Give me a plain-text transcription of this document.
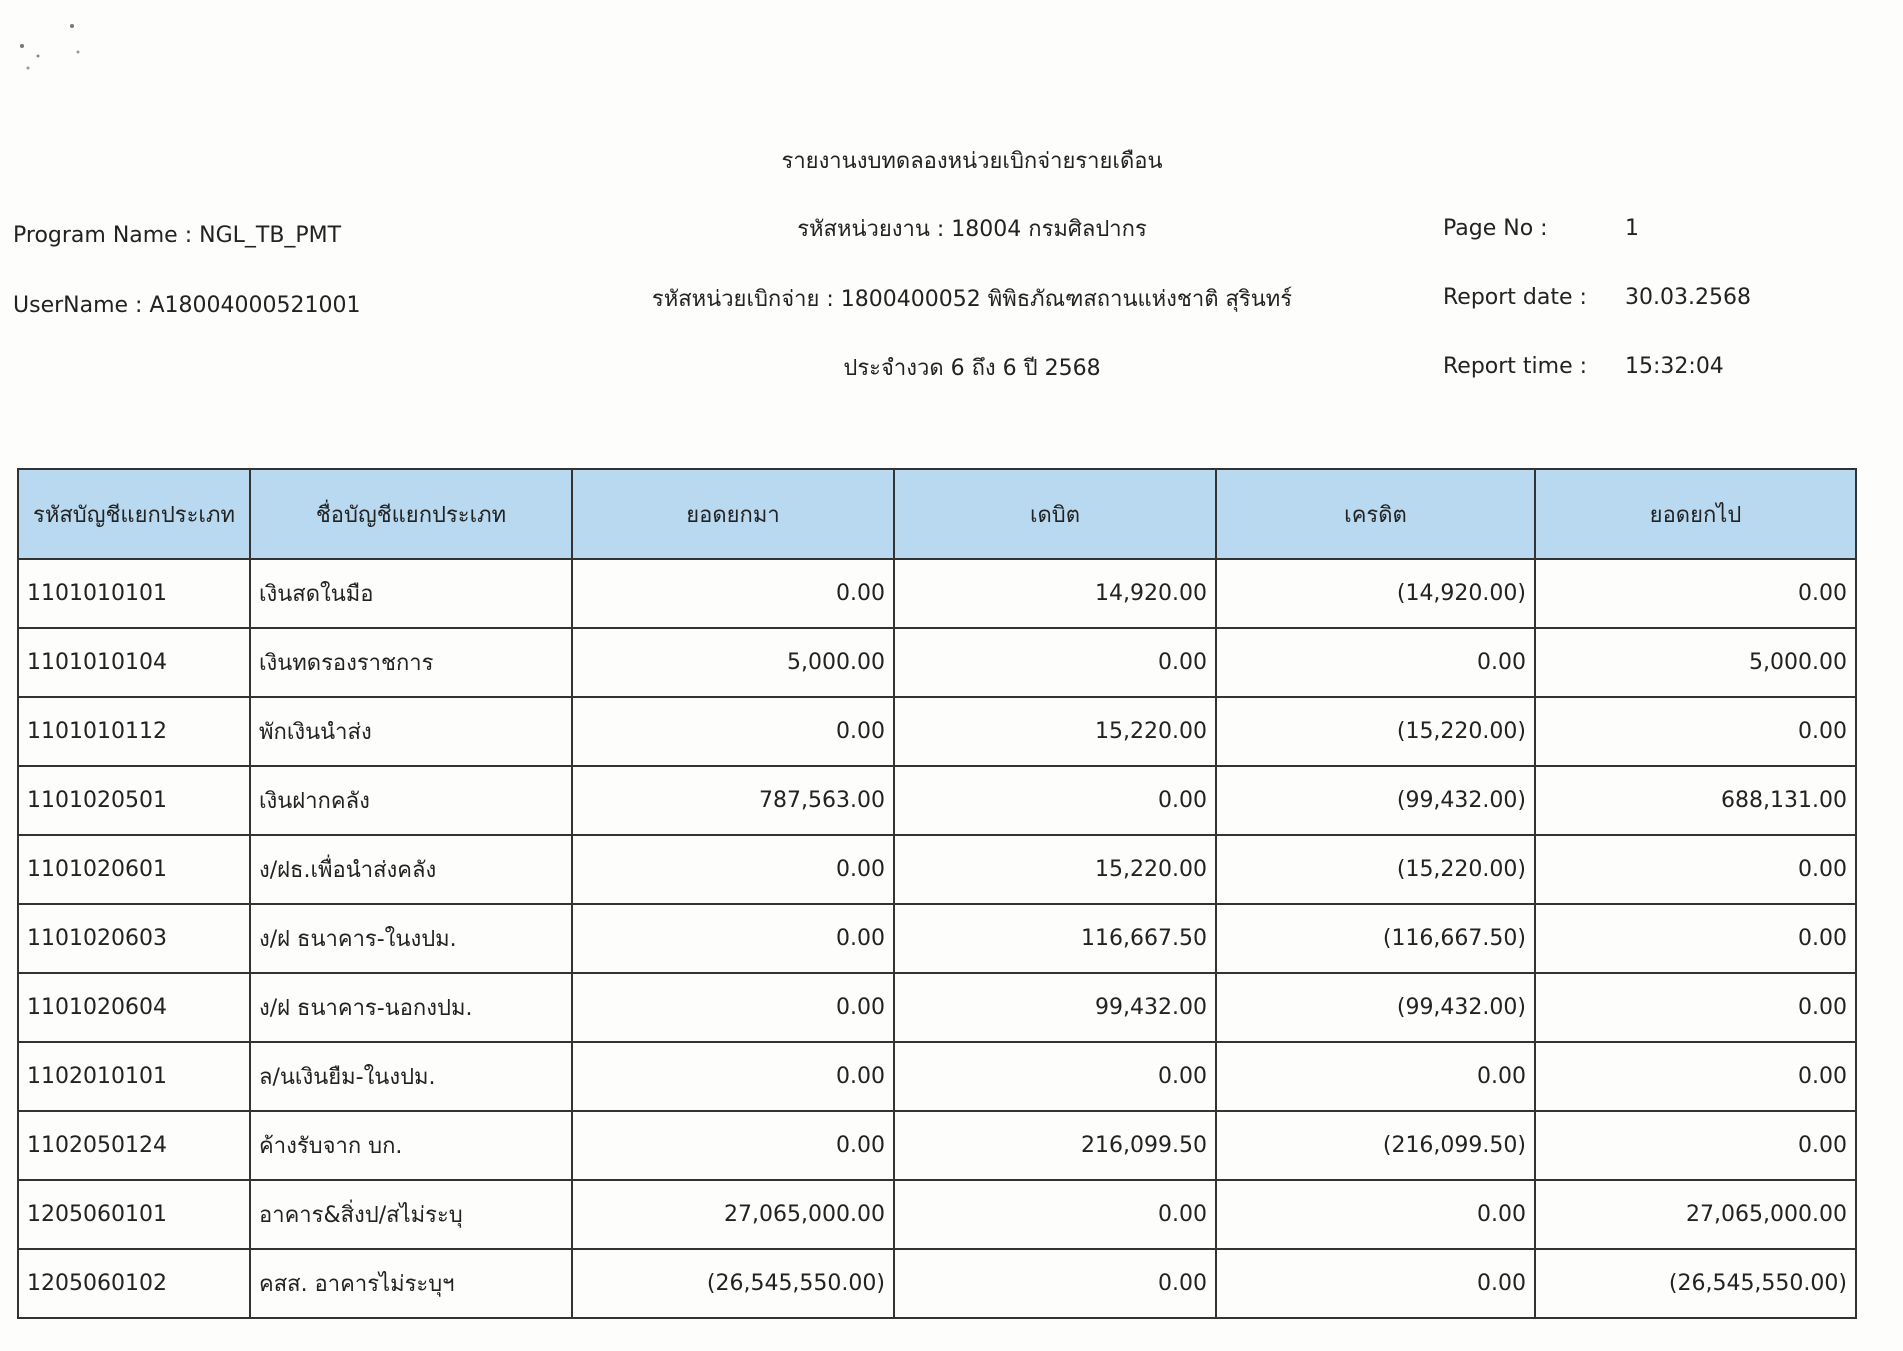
รายงานงบทดลองหน่วยเบิกจ่ายรายเดือน
รหัสหน่วยงาน : 18004 กรมศิลปากร
รหัสหน่วยเบิกจ่าย : 1800400052 พิพิธภัณฑสถานแห่งชาติ สุรินทร์
ประจำงวด 6 ถึง 6 ปี 2568
Program Name : NGL_TB_PMT
UserName : A18004000521001
Page No :	1
Report date : 30.03.2568
Report time : 15:32:04
รหัสบัญชีแยกประเภท	ชื่อบัญชีแยกประเภท	ยอดยกมา	เดบิต	เครดิต	ยอดยกไป
1101010101	เงินสดในมือ	0.00	14,920.00	(14,920.00)	0.00
1101010104	เงินทดรองราชการ	5,000.00	0.00	0.00	5,000.00
1101010112	พักเงินนำส่ง	0.00	15,220.00	(15,220.00)	0.00
1101020501	เงินฝากคลัง	787,563.00	0.00	(99,432.00)	688,131.00
1101020601	ง/ฝธ.เพื่อนำส่งคลัง	0.00	15,220.00	(15,220.00)	0.00
1101020603	ง/ฝ ธนาคาร-ในงปม.	0.00	116,667.50	(116,667.50)	0.00
1101020604	ง/ฝ ธนาคาร-นอกงปม.	0.00	99,432.00	(99,432.00)	0.00
1102010101	ล/นเงินยืม-ในงปม.	0.00	0.00	0.00	0.00
1102050124	ค้างรับจาก บก.	0.00	216,099.50	(216,099.50)	0.00
1205060101	อาคาร&สิ่งป/สไม่ระบุ	27,065,000.00	0.00	0.00	27,065,000.00
1205060102	คสส. อาคารไม่ระบุฯ	(26,545,550.00)	0.00	0.00	(26,545,550.00)
